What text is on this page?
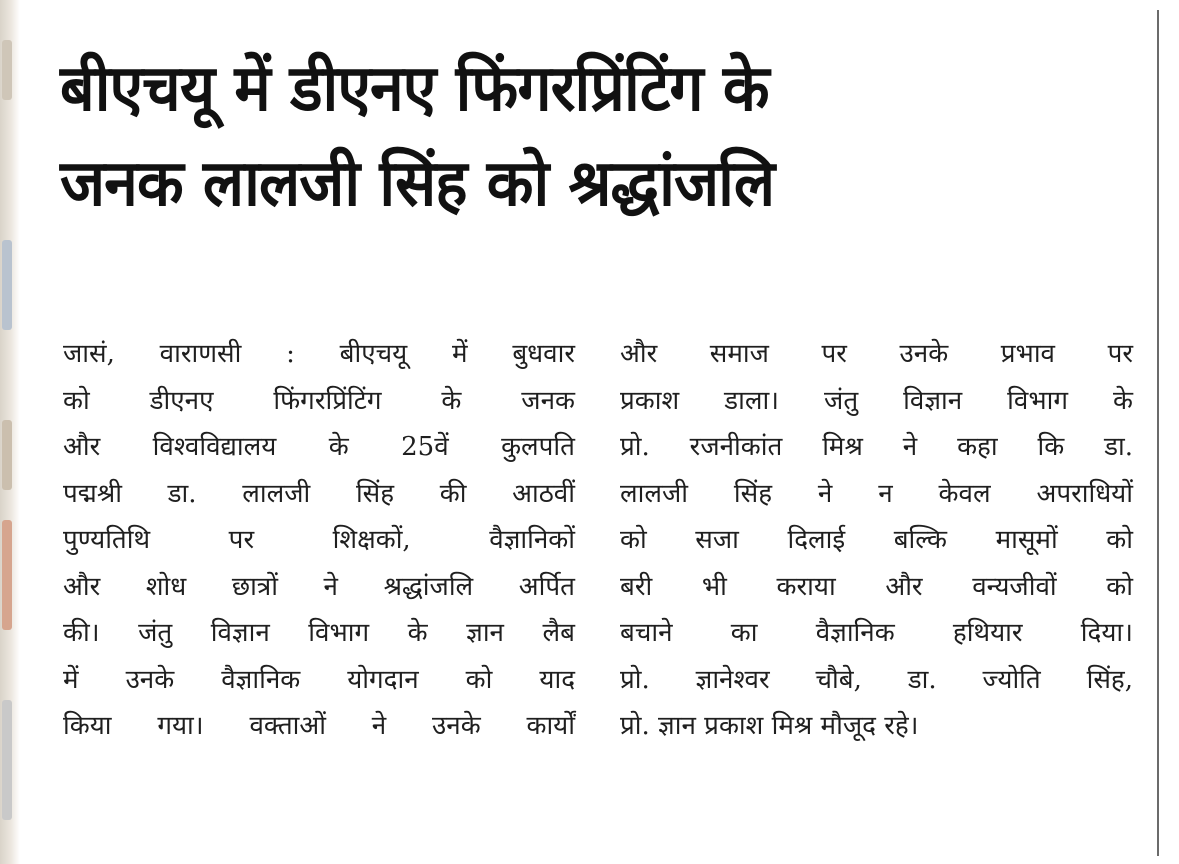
बीएचयू में डीएनए फिंगरप्रिंटिंग के
जनक लालजी सिंह को श्रद्धांजलि
जासं, वाराणसी : बीएचयू में बुधवार
को डीएनए फिंगरप्रिंटिंग के जनक
और विश्वविद्यालय के 25वें कुलपति
पद्मश्री डा. लालजी सिंह की आठवीं
पुण्यतिथि पर शिक्षकों, वैज्ञानिकों
और शोध छात्रों ने श्रद्धांजलि अर्पित
की। जंतु विज्ञान विभाग के ज्ञान लैब
में उनके वैज्ञानिक योगदान को याद
किया गया। वक्ताओं ने उनके कार्यों
और समाज पर उनके प्रभाव पर
प्रकाश डाला। जंतु विज्ञान विभाग के
प्रो. रजनीकांत मिश्र ने कहा कि डा.
लालजी सिंह ने न केवल अपराधियों
को सजा दिलाई बल्कि मासूमों को
बरी भी कराया और वन्यजीवों को
बचाने का वैज्ञानिक हथियार दिया।
प्रो. ज्ञानेश्वर चौबे, डा. ज्योति सिंह,
प्रो. ज्ञान प्रकाश मिश्र मौजूद रहे।
